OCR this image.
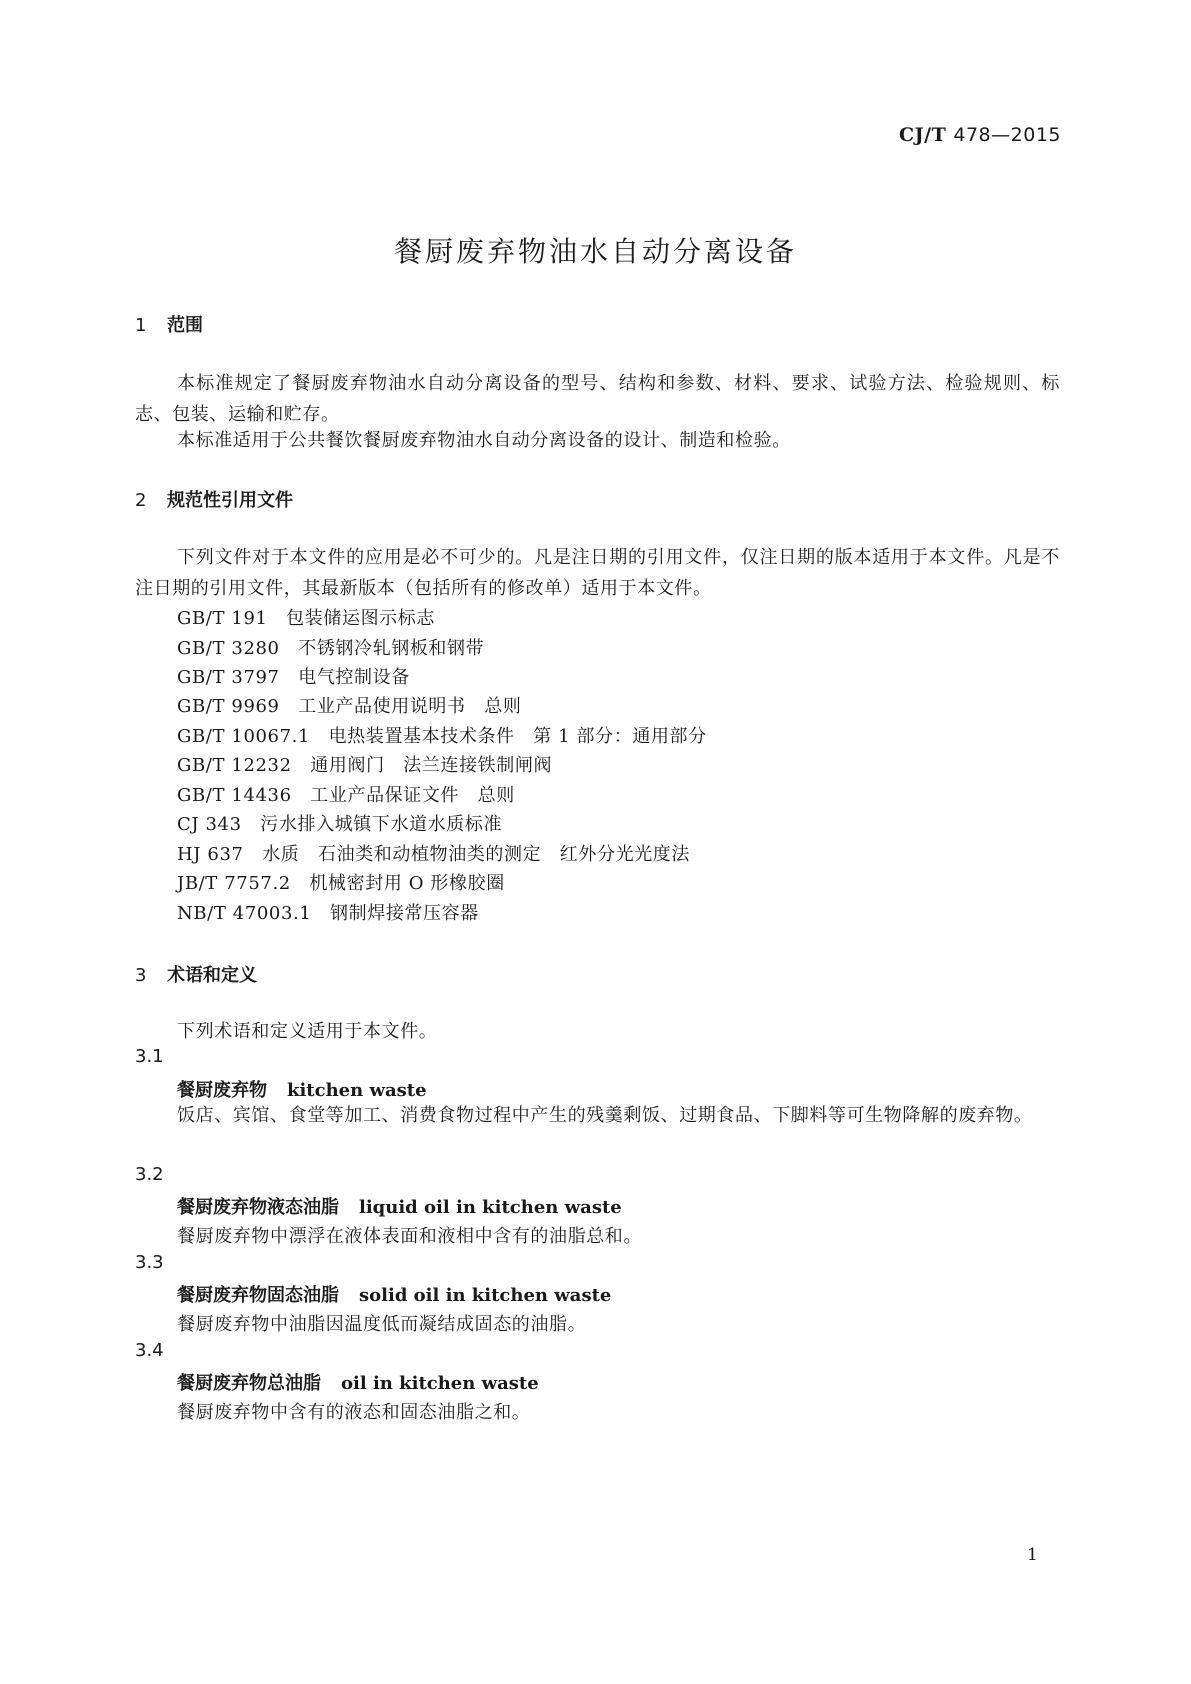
CJ/T 478—2015
餐厨废弃物油水自动分离设备
1 范围
本标准规定了餐厨废弃物油水自动分离设备的型号、结构和参数、材料、要求、试验方法、检验规则、标志、包装、运输和贮存。
本标准适用于公共餐饮餐厨废弃物油水自动分离设备的设计、制造和检验。
2 规范性引用文件
下列文件对于本文件的应用是必不可少的。凡是注日期的引用文件，仅注日期的版本适用于本文件。凡是不注日期的引用文件，其最新版本（包括所有的修改单）适用于本文件。
GB/T 191　 包装储运图示标志
GB/T 3280　 不锈钢冷轧钢板和钢带
GB/T 3797　 电气控制设备
GB/T 9969　 工业产品使用说明书　总则
GB/T 10067.1　 电热装置基本技术条件　第 1 部分：通用部分
GB/T 12232　 通用阀门　法兰连接铁制闸阀
GB/T 14436　 工业产品保证文件　总则
CJ 343　 污水排入城镇下水道水质标准
HJ 637　 水质　石油类和动植物油类的测定　红外分光光度法
JB/T 7757.2　 机械密封用 O 形橡胶圈
NB/T 47003.1　 钢制焊接常压容器
3 术语和定义
下列术语和定义适用于本文件。
3.1
餐厨废弃物 kitchen waste
饭店、宾馆、食堂等加工、消费食物过程中产生的残羹剩饭、过期食品、下脚料等可生物降解的废弃物。
3.2
餐厨废弃物液态油脂 liquid oil in kitchen waste
餐厨废弃物中漂浮在液体表面和液相中含有的油脂总和。
3.3
餐厨废弃物固态油脂 solid oil in kitchen waste
餐厨废弃物中油脂因温度低而凝结成固态的油脂。
3.4
餐厨废弃物总油脂 oil in kitchen waste
餐厨废弃物中含有的液态和固态油脂之和。
1
